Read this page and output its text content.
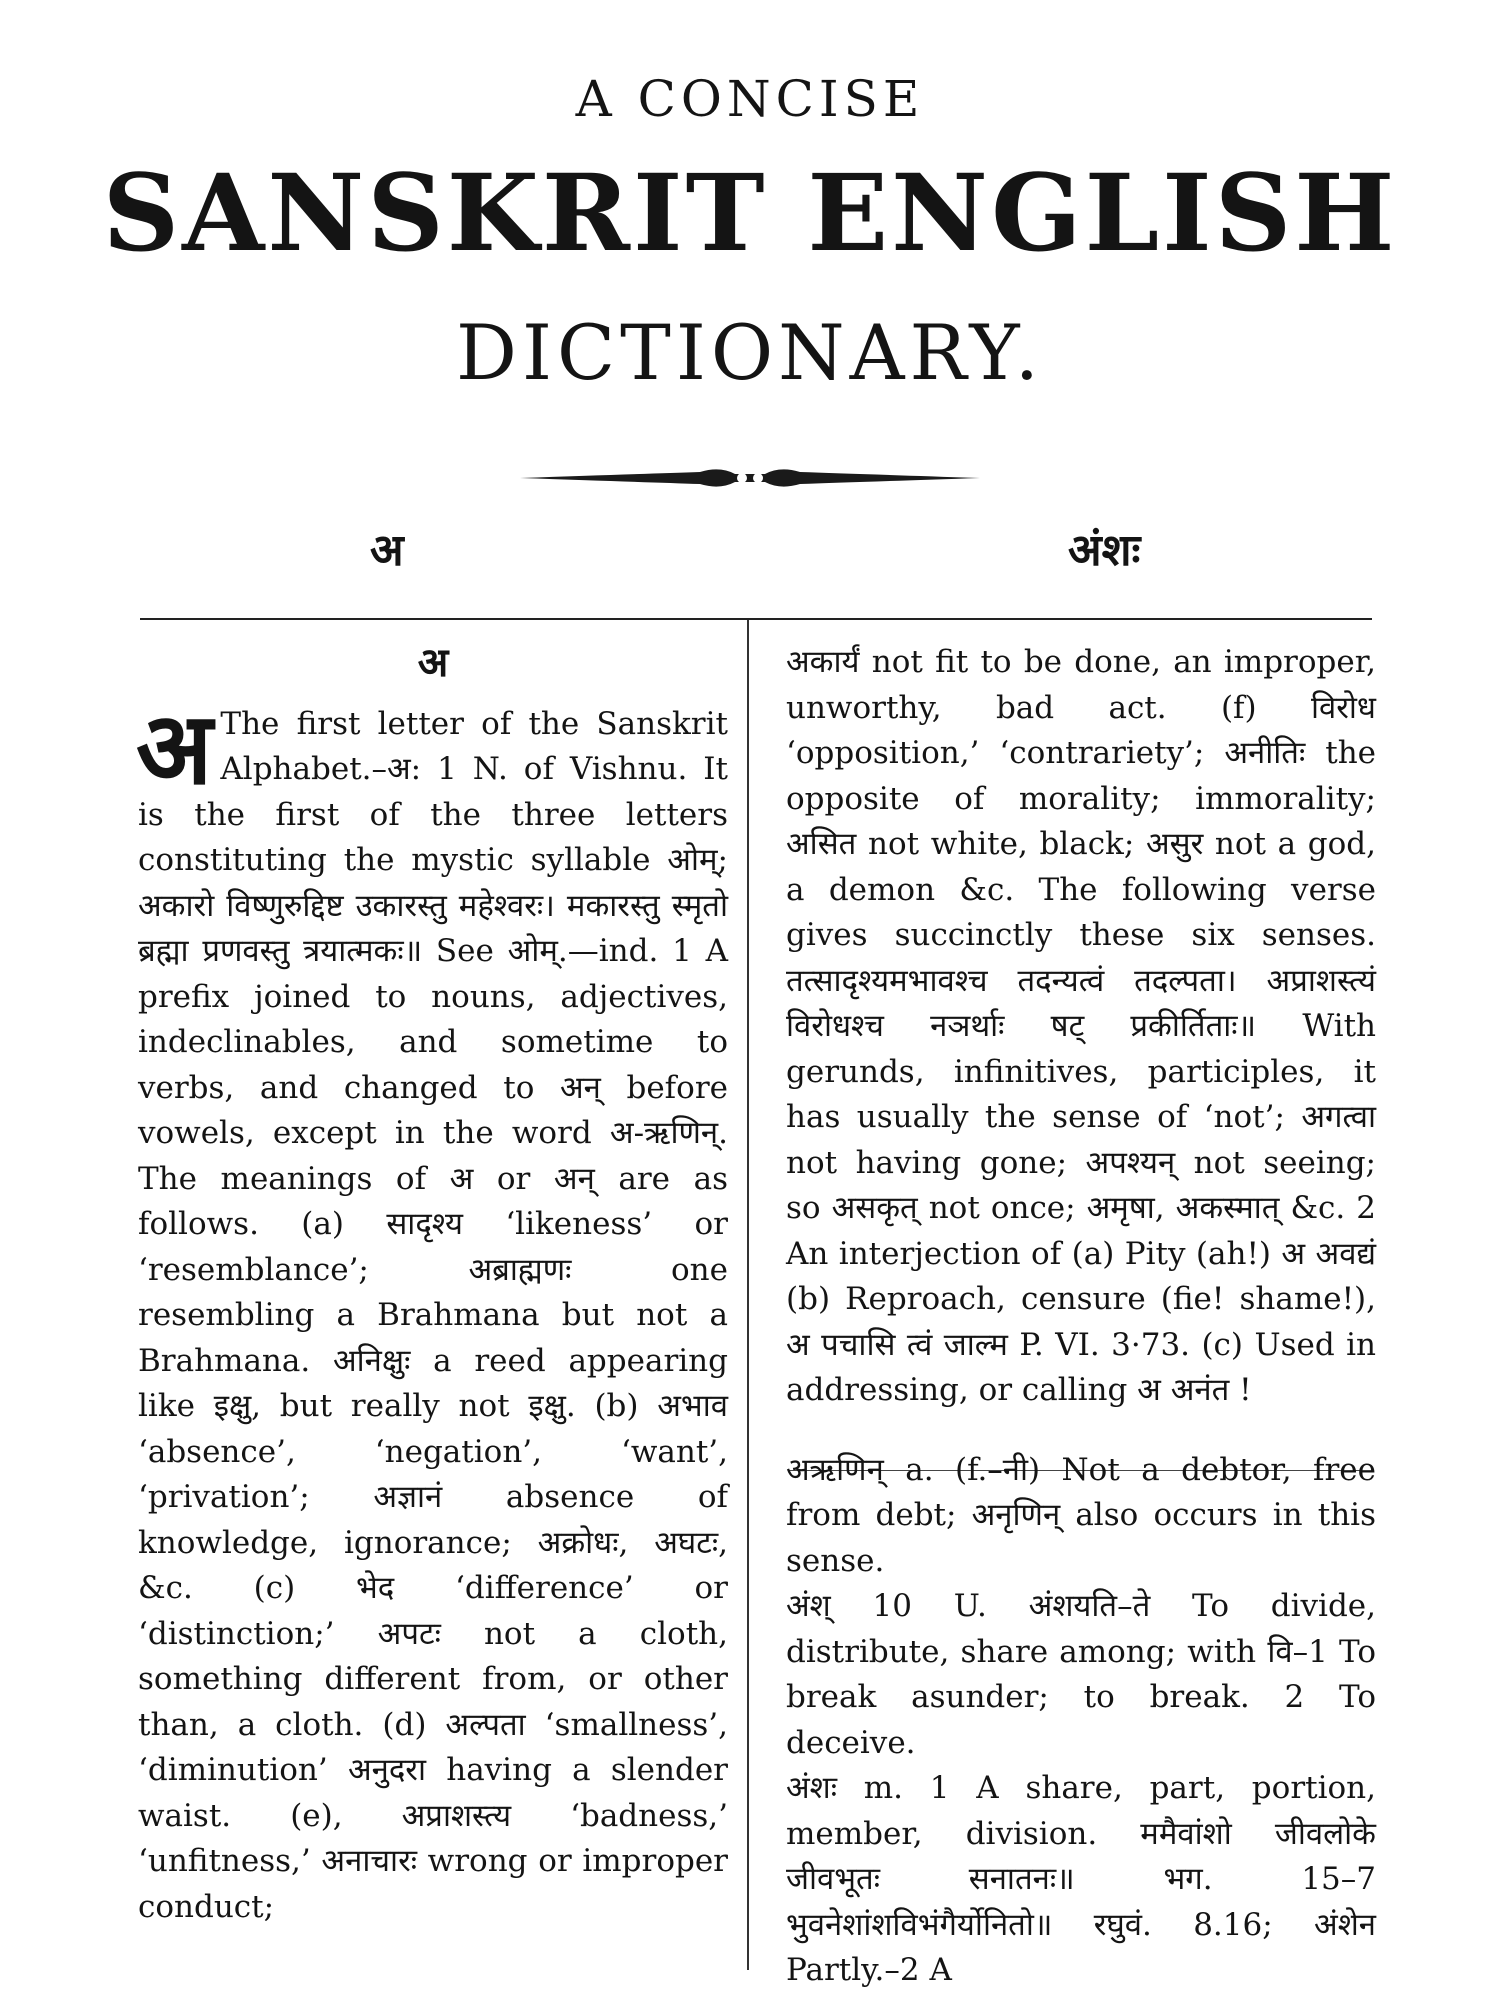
A CONCISE
SANSKRIT ENGLISH
DICTIONARY.
अ	अंशः

अ

अ The first letter of the Sanskrit Alphabet.–अ: 1 N. of Vishnu. It is the first of the three letters constituting the mystic syllable ओम्; अकारो विष्णुरुद्दिष्ट उकारस्तु महेश्वरः। मकारस्तु स्मृतो ब्रह्मा प्रणवस्तु त्रयात्मकः॥ See ओम्.—ind. 1 A prefix joined to nouns, adjectives, indeclinables, and sometime to verbs, and changed to अन् before vowels, except in the word अ-ऋणिन्. The meanings of अ or अन् are as follows. (a) सादृश्य ‘likeness’ or ‘resemblance’; अब्राह्मणः one resembling a Brahmana but not a Brahmana. अनिक्षुः a reed appearing like इक्षु, but really not इक्षु. (b) अभाव ‘absence’, ‘negation’, ‘want’, ‘privation’; अज्ञानं absence of knowledge, ignorance; अक्रोधः, अघटः, &c. (c) भेद ‘difference’ or ‘distinction;’ अपटः not a cloth, something different from, or other than, a cloth. (d) अल्पता ‘smallness’, ‘diminution’ अनुदरा having a slender waist. (e), अप्राशस्त्य ‘badness,’ ‘unfitness,’ अनाचारः wrong or improper conduct;

अकार्यं not fit to be done, an improper, unworthy, bad act. (f) विरोध ‘opposition,’ ‘contrariety’; अनीतिः the opposite of morality; immorality; असित not white, black; असुर not a god, a demon &c. The following verse gives succinctly these six senses. तत्सादृश्यमभावश्च तदन्यत्वं तदल्पता। अप्राशस्त्यं विरोधश्च नञर्थाः षट् प्रकीर्तिताः॥ With gerunds, infinitives, participles, it has usually the sense of ‘not’; अगत्वा not having gone; अपश्यन् not seeing; so असकृत् not once; अमृषा, अकस्मात् &c. 2 An interjection of (a) Pity (ah!) अ अवद्यं (b) Reproach, censure (fie! shame!), अ पचासि त्वं जाल्म P. VI. 3·73. (c) Used in addressing, or calling अ अनंत !

अऋणिन् a. (f.–नी) Not a debtor, free from debt; अनृणिन् also occurs in this sense.

अंश् 10 U. अंशयति–ते To divide, distribute, share among; with वि–1 To break asunder; to break. 2 To deceive.

अंशः m. 1 A share, part, portion, member, division. ममैवांशो जीवलोके जीवभूतः सनातनः॥ भग. 15–7 भुवनेशांशविभंगैर्योनितो॥ रघुवं. 8.16; अंशेन Partly.–2 A
